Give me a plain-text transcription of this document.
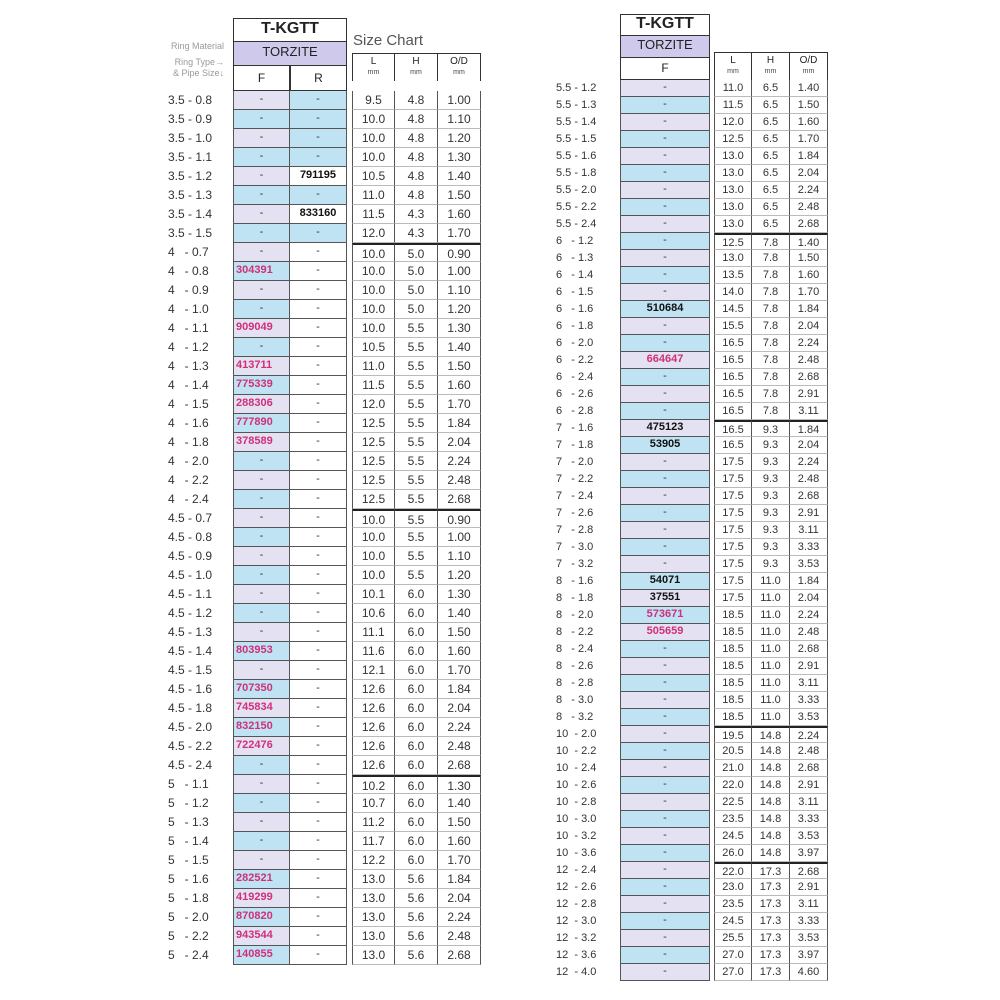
Ring Material
Ring Type→
& Pipe Size↓
T-KGTT
TORZITE
F	R
Size Chart
L
mm
H
mm
O/D
mm
3.5 - 0.8	-	-	9.5	4.8	1.00
3.5 - 0.9	-	-	10.0	4.8	1.10
3.5 - 1.0	-	-	10.0	4.8	1.20
3.5 - 1.1	-	-	10.0	4.8	1.30
3.5 - 1.2	-	791195	10.5	4.8	1.40
3.5 - 1.3	-	-	11.0	4.8	1.50
3.5 - 1.4	-	833160	11.5	4.3	1.60
3.5 - 1.5	-	-	12.0	4.3	1.70
4   - 0.7	-	-	10.0	5.0	0.90
4   - 0.8	304391	-	10.0	5.0	1.00
4   - 0.9	-	-	10.0	5.0	1.10
4   - 1.0	-	-	10.0	5.0	1.20
4   - 1.1	909049	-	10.0	5.5	1.30
4   - 1.2	-	-	10.5	5.5	1.40
4   - 1.3	413711	-	11.0	5.5	1.50
4   - 1.4	775339	-	11.5	5.5	1.60
4   - 1.5	288306	-	12.0	5.5	1.70
4   - 1.6	777890	-	12.5	5.5	1.84
4   - 1.8	378589	-	12.5	5.5	2.04
4   - 2.0	-	-	12.5	5.5	2.24
4   - 2.2	-	-	12.5	5.5	2.48
4   - 2.4	-	-	12.5	5.5	2.68
4.5 - 0.7	-	-	10.0	5.5	0.90
4.5 - 0.8	-	-	10.0	5.5	1.00
4.5 - 0.9	-	-	10.0	5.5	1.10
4.5 - 1.0	-	-	10.0	5.5	1.20
4.5 - 1.1	-	-	10.1	6.0	1.30
4.5 - 1.2	-	-	10.6	6.0	1.40
4.5 - 1.3	-	-	11.1	6.0	1.50
4.5 - 1.4	803953	-	11.6	6.0	1.60
4.5 - 1.5	-	-	12.1	6.0	1.70
4.5 - 1.6	707350	-	12.6	6.0	1.84
4.5 - 1.8	745834	-	12.6	6.0	2.04
4.5 - 2.0	832150	-	12.6	6.0	2.24
4.5 - 2.2	722476	-	12.6	6.0	2.48
4.5 - 2.4	-	-	12.6	6.0	2.68
5   - 1.1	-	-	10.2	6.0	1.30
5   - 1.2	-	-	10.7	6.0	1.40
5   - 1.3	-	-	11.2	6.0	1.50
5   - 1.4	-	-	11.7	6.0	1.60
5   - 1.5	-	-	12.2	6.0	1.70
5   - 1.6	282521	-	13.0	5.6	1.84
5   - 1.8	419299	-	13.0	5.6	2.04
5   - 2.0	870820	-	13.0	5.6	2.24
5   - 2.2	943544	-	13.0	5.6	2.48
5   - 2.4	140855	-	13.0	5.6	2.68
T-KGTT
TORZITE
F
L
mm
H
mm
O/D
mm
5.5 - 1.2	-	11.0	6.5	1.40
5.5 - 1.3	-	11.5	6.5	1.50
5.5 - 1.4	-	12.0	6.5	1.60
5.5 - 1.5	-	12.5	6.5	1.70
5.5 - 1.6	-	13.0	6.5	1.84
5.5 - 1.8	-	13.0	6.5	2.04
5.5 - 2.0	-	13.0	6.5	2.24
5.5 - 2.2	-	13.0	6.5	2.48
5.5 - 2.4	-	13.0	6.5	2.68
6   - 1.2	-	12.5	7.8	1.40
6   - 1.3	-	13.0	7.8	1.50
6   - 1.4	-	13.5	7.8	1.60
6   - 1.5	-	14.0	7.8	1.70
6   - 1.6	510684	14.5	7.8	1.84
6   - 1.8	-	15.5	7.8	2.04
6   - 2.0	-	16.5	7.8	2.24
6   - 2.2	664647	16.5	7.8	2.48
6   - 2.4	-	16.5	7.8	2.68
6   - 2.6	-	16.5	7.8	2.91
6   - 2.8	-	16.5	7.8	3.11
7   - 1.6	475123	16.5	9.3	1.84
7   - 1.8	53905	16.5	9.3	2.04
7   - 2.0	-	17.5	9.3	2.24
7   - 2.2	-	17.5	9.3	2.48
7   - 2.4	-	17.5	9.3	2.68
7   - 2.6	-	17.5	9.3	2.91
7   - 2.8	-	17.5	9.3	3.11
7   - 3.0	-	17.5	9.3	3.33
7   - 3.2	-	17.5	9.3	3.53
8   - 1.6	54071	17.5	11.0	1.84
8   - 1.8	37551	17.5	11.0	2.04
8   - 2.0	573671	18.5	11.0	2.24
8   - 2.2	505659	18.5	11.0	2.48
8   - 2.4	-	18.5	11.0	2.68
8   - 2.6	-	18.5	11.0	2.91
8   - 2.8	-	18.5	11.0	3.11
8   - 3.0	-	18.5	11.0	3.33
8   - 3.2	-	18.5	11.0	3.53
10  - 2.0	-	19.5	14.8	2.24
10  - 2.2	-	20.5	14.8	2.48
10  - 2.4	-	21.0	14.8	2.68
10  - 2.6	-	22.0	14.8	2.91
10  - 2.8	-	22.5	14.8	3.11
10  - 3.0	-	23.5	14.8	3.33
10  - 3.2	-	24.5	14.8	3.53
10  - 3.6	-	26.0	14.8	3.97
12  - 2.4	-	22.0	17.3	2.68
12  - 2.6	-	23.0	17.3	2.91
12  - 2.8	-	23.5	17.3	3.11
12  - 3.0	-	24.5	17.3	3.33
12  - 3.2	-	25.5	17.3	3.53
12  - 3.6	-	27.0	17.3	3.97
12  - 4.0	-	27.0	17.3	4.60
